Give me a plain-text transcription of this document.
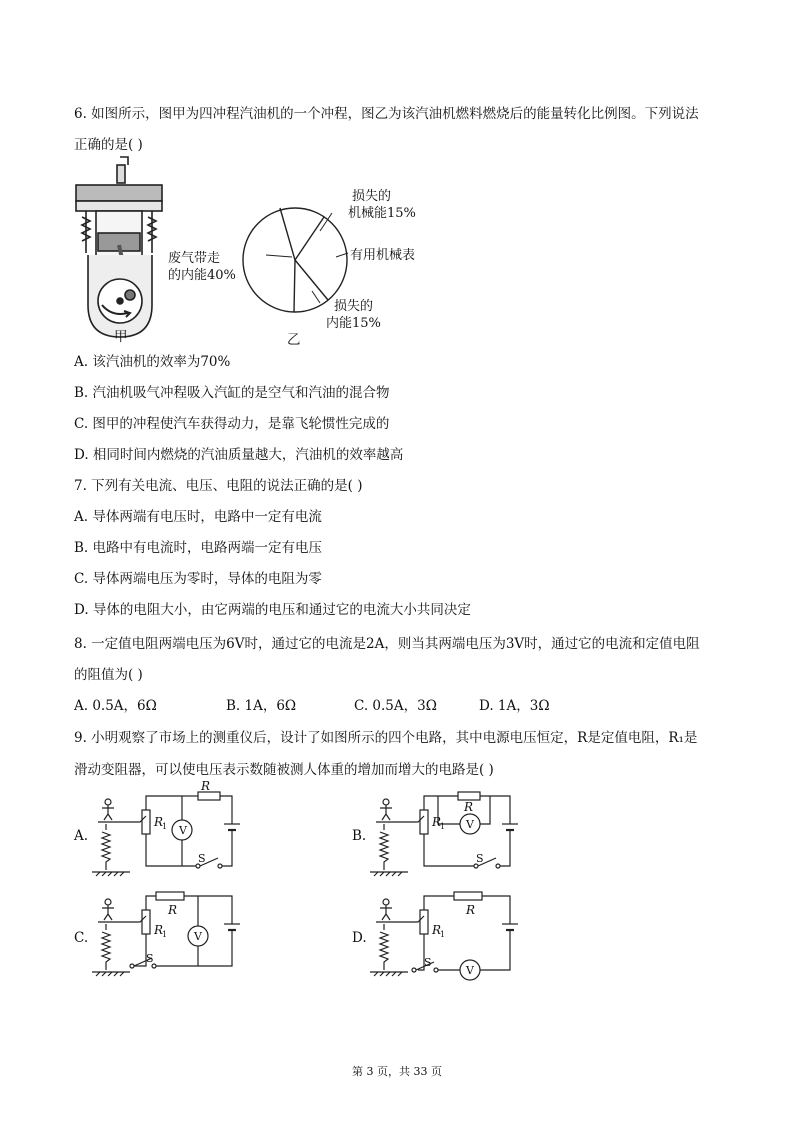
6. 如图所示，图甲为四冲程汽油机的一个冲程，图乙为该汽油机燃料燃烧后的能量转化比例图。下列说法
正确的是( )
甲
损失的
机械能15%
废气带走
的内能40%
有用机械表
损失的
内能15%
乙
A. 该汽油机的效率为70%
B. 汽油机吸气冲程吸入汽缸的是空气和汽油的混合物
C. 图甲的冲程使汽车获得动力，是靠飞轮惯性完成的
D. 相同时间内燃烧的汽油质量越大，汽油机的效率越高
7. 下列有关电流、电压、电阻的说法正确的是( )
A. 导体两端有电压时，电路中一定有电流
B. 电路中有电流时，电路两端一定有电压
C. 导体两端电压为零时，导体的电阻为零
D. 导体的电阻大小，由它两端的电压和通过它的电流大小共同决定
8. 一定值电阻两端电压为6V时，通过它的电流是2A，则当其两端电压为3V时，通过它的电流和定值电阻
的阻值为( )
A. 0.5A，6Ω	B. 1A，6Ω	C. 0.5A，3Ω	D. 1A，3Ω
9. 小明观察了市场上的测重仪后，设计了如图所示的四个电路，其中电源电压恒定，R是定值电阻，R₁是
滑动变阻器，可以使电压表示数随被测人体重的增加而增大的电路是( )
A.	V
R
R
1
S
B.
V
R
R
1
S
C.	V
R
R
1
S
D.
V
R
R
1
S
第 3 页，共 33 页
